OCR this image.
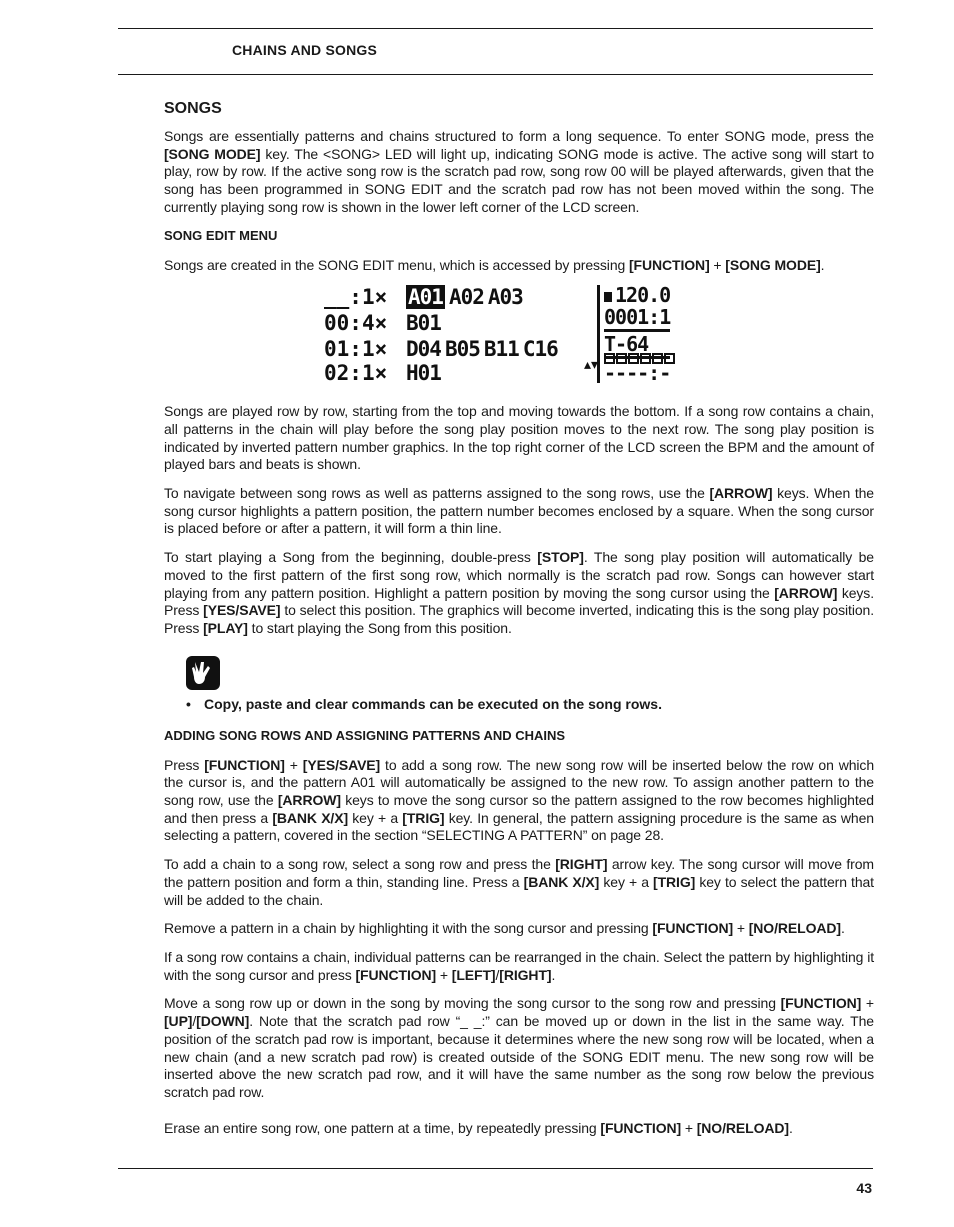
CHAINS AND SONGS
SONGS

Songs are essentially patterns and chains structured to form a long sequence. To enter SONG mode, press the [SONG MODE] key. The <SONG> LED will light up, indicating SONG mode is active. The active song will start to play, row by row. If the active song row is the scratch pad row, song row 00 will be played afterwards, given that the song has been programmed in SONG EDIT and the scratch pad row has not been moved within the song. The currently playing song row is shown in the lower left corner of the LCD screen.

SONG EDIT MENU

Songs are created in the SONG EDIT menu, which is accessed by pressing [FUNCTION] + [SONG MODE].

__:1× A01 A02 A03
00:4× B01
01:1× D04 B05 B11 C16
02:1× H01	▴▾
120.0
0001:1
T-64
----:-

Songs are played row by row, starting from the top and moving towards the bottom. If a song row contains a chain, all patterns in the chain will play before the song play position moves to the next row. The song play position is indicated by inverted pattern number graphics. In the top right corner of the LCD screen the BPM and the amount of played bars and beats is shown.

To navigate between song rows as well as patterns assigned to the song rows, use the [ARROW] keys. When the song cursor highlights a pattern position, the pattern number becomes enclosed by a square. When the song cursor is placed before or after a pattern, it will form a thin line.

To start playing a Song from the beginning, double-press [STOP]. The song play position will automatically be moved to the first pattern of the first song row, which normally is the scratch pad row. Songs can however start playing from any pattern position. Highlight a pattern position by moving the song cursor using the [ARROW] keys. Press [YES/SAVE] to select this position. The graphics will become inverted, indicating this is the song play position. Press [PLAY] to start playing the Song from this position.

• Copy, paste and clear commands can be executed on the song rows.
ADDING SONG ROWS AND ASSIGNING PATTERNS AND CHAINS

Press [FUNCTION] + [YES/SAVE] to add a song row. The new song row will be inserted below the row on which the cursor is, and the pattern A01 will automatically be assigned to the new row. To assign another pattern to the song row, use the [ARROW] keys to move the song cursor so the pattern assigned to the row becomes highlighted and then press a [BANK X/X] key + a [TRIG] key. In general, the pattern assigning procedure is the same as when selecting a pattern, covered in the section “SELECTING A PATTERN” on page 28.

To add a chain to a song row, select a song row and press the [RIGHT] arrow key. The song cursor will move from the pattern position and form a thin, standing line. Press a [BANK X/X] key + a [TRIG] key to select the pattern that will be added to the chain.

Remove a pattern in a chain by highlighting it with the song cursor and pressing [FUNCTION] + [NO/RELOAD].

If a song row contains a chain, individual patterns can be rearranged in the chain. Select the pattern by highlighting it with the song cursor and press [FUNCTION] + [LEFT]/[RIGHT].

Move a song row up or down in the song by moving the song cursor to the song row and pressing [FUNCTION] + [UP]/[DOWN]. Note that the scratch pad row “_ _:” can be moved up or down in the list in the same way. The position of the scratch pad row is important, because it determines where the new song row will be located, when a new chain (and a new scratch pad row) is created outside of the SONG EDIT menu. The new song row will be inserted above the new scratch pad row, and it will have the same number as the song row below the previous scratch pad row.

Erase an entire song row, one pattern at a time, by repeatedly pressing [FUNCTION] + [NO/RELOAD].

43
